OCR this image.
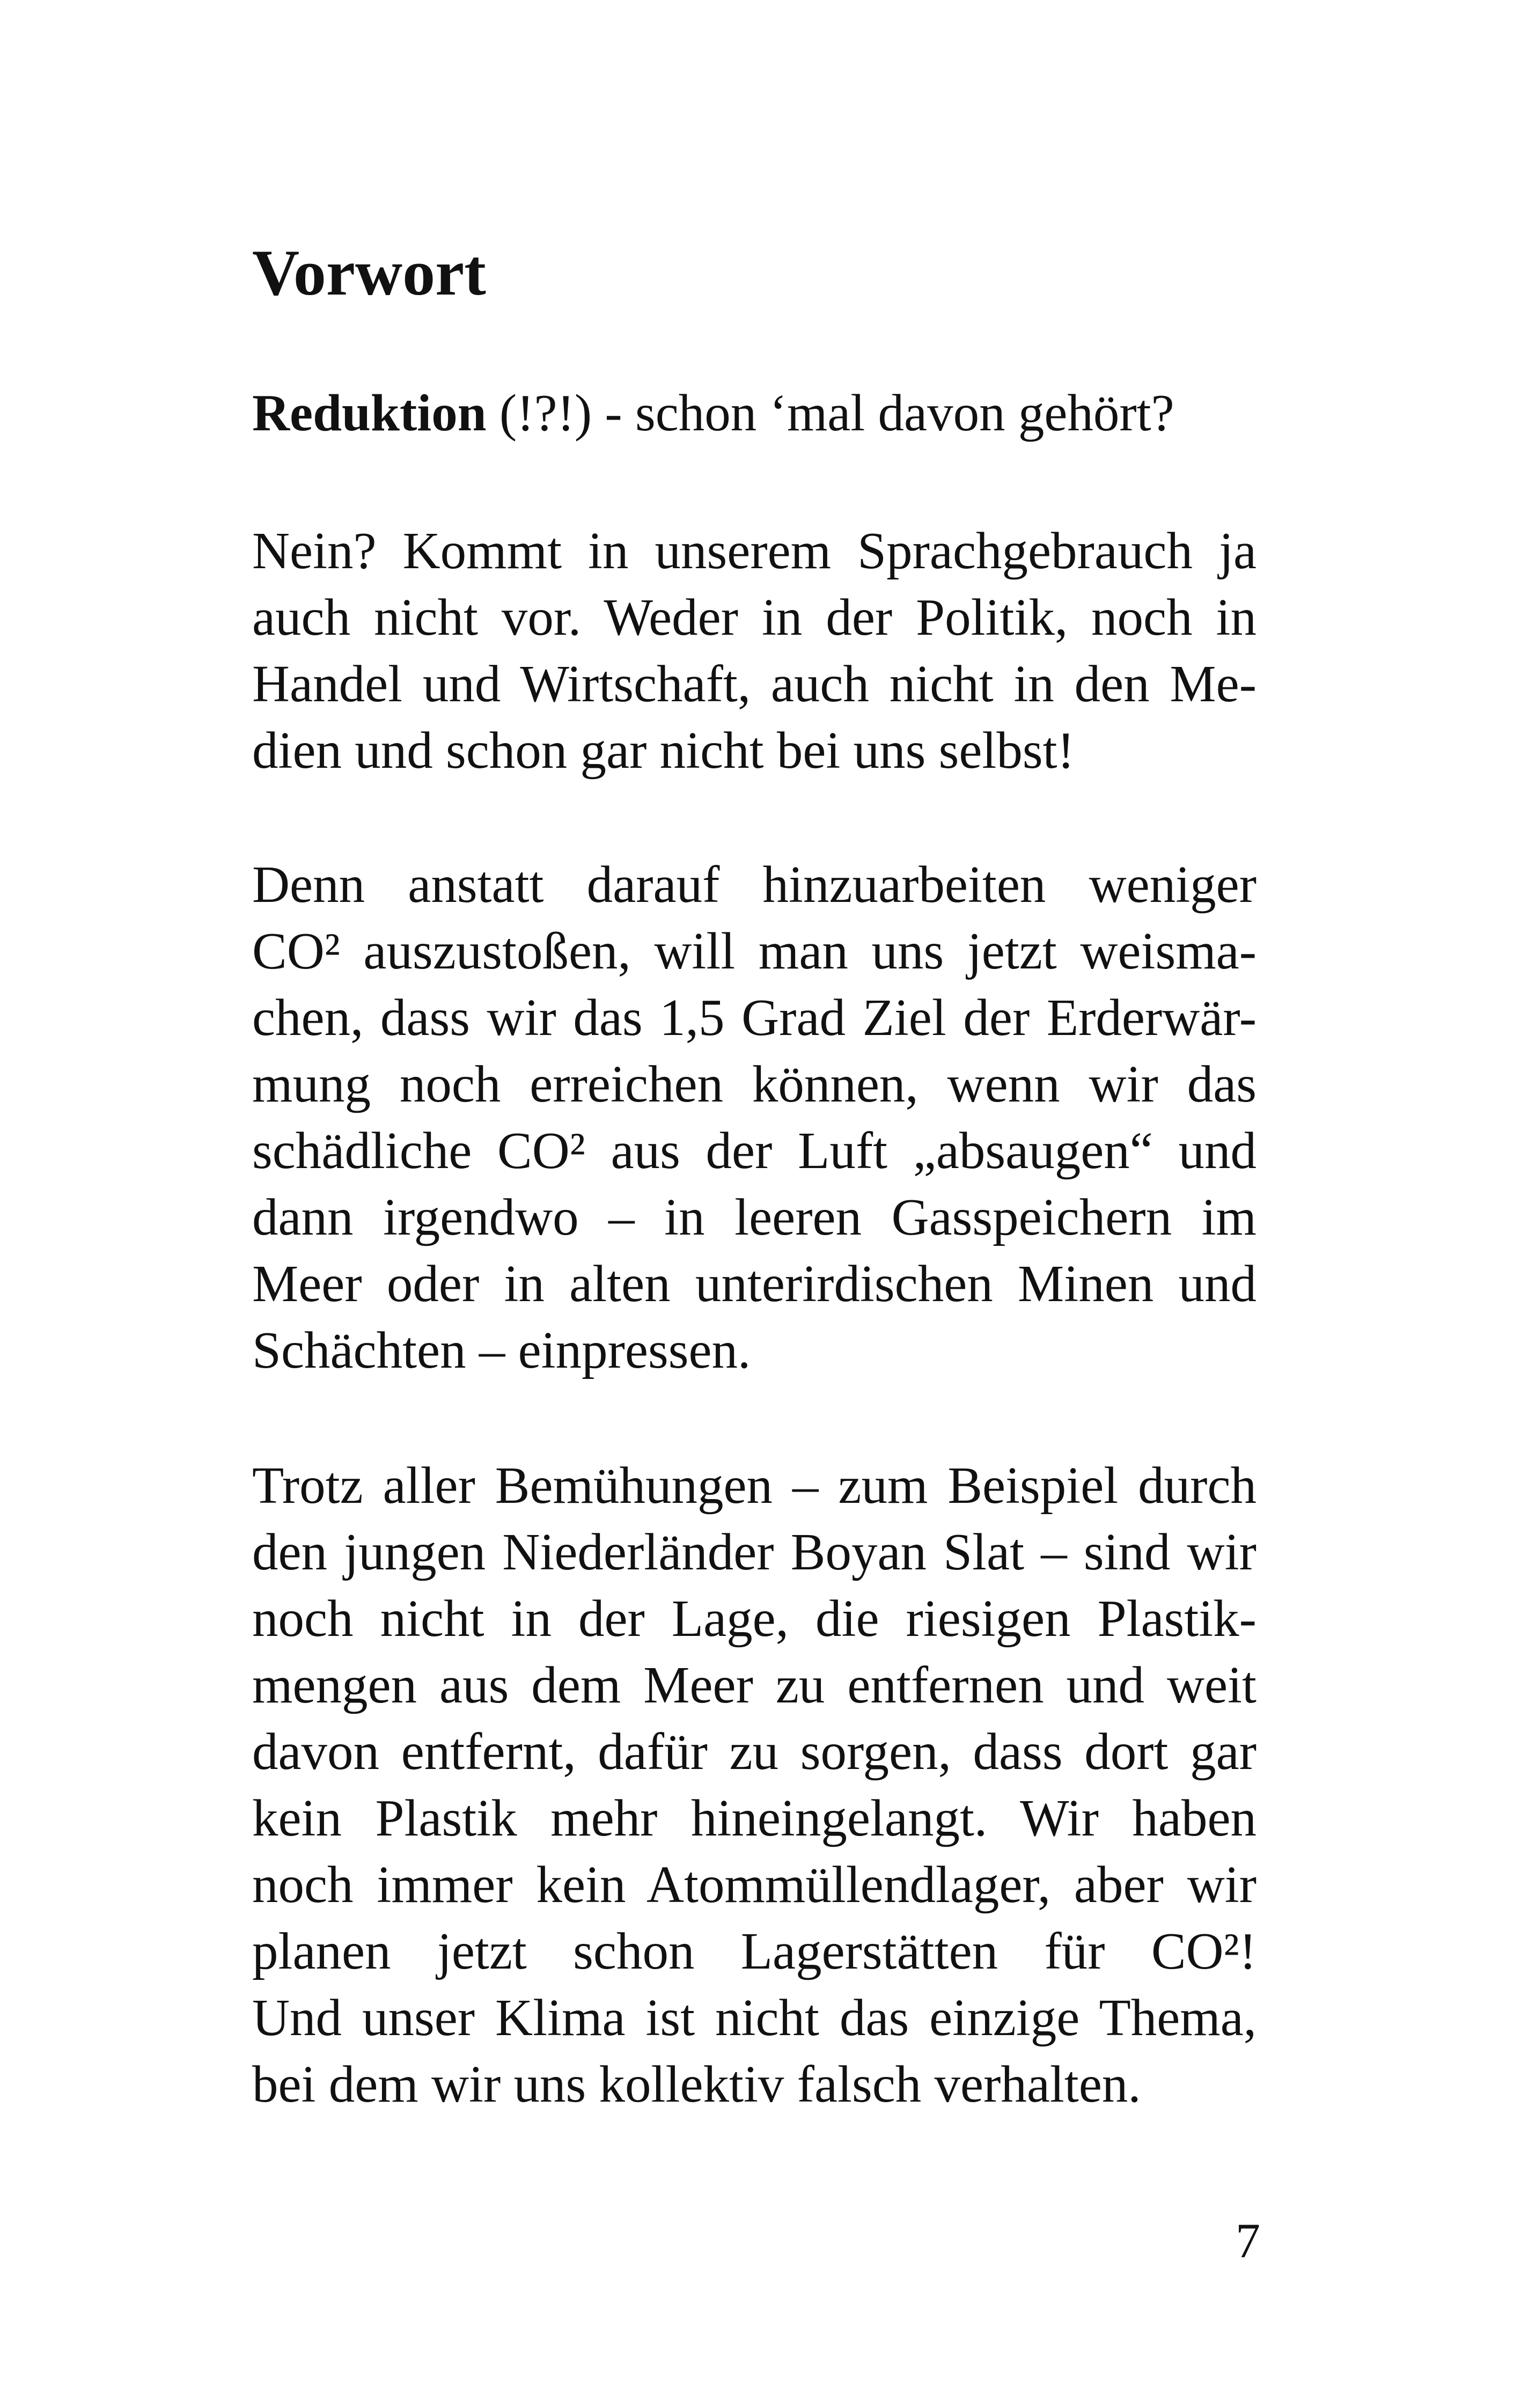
Vorwort

Reduktion (!?!) - schon ‘mal davon gehört?

Nein? Kommt in unserem Sprachgebrauch ja
auch nicht vor. Weder in der Politik, noch in
Handel und Wirtschaft, auch nicht in den Me-
dien und schon gar nicht bei uns selbst!

Denn anstatt darauf hinzuarbeiten weniger
CO² auszustoßen, will man uns jetzt weisma-
chen, dass wir das 1,5 Grad Ziel der Erderwär-
mung noch erreichen können, wenn wir das
schädliche CO² aus der Luft „absaugen“ und
dann irgendwo – in leeren Gasspeichern im
Meer oder in alten unterirdischen Minen und
Schächten – einpressen.

Trotz aller Bemühungen – zum Beispiel durch
den jungen Niederländer Boyan Slat – sind wir
noch nicht in der Lage, die riesigen Plastik-
mengen aus dem Meer zu entfernen und weit
davon entfernt, dafür zu sorgen, dass dort gar
kein Plastik mehr hineingelangt. Wir haben
noch immer kein Atommüllendlager, aber wir
planen jetzt schon Lagerstätten für CO²!
Und unser Klima ist nicht das einzige Thema,
bei dem wir uns kollektiv falsch verhalten.

7
